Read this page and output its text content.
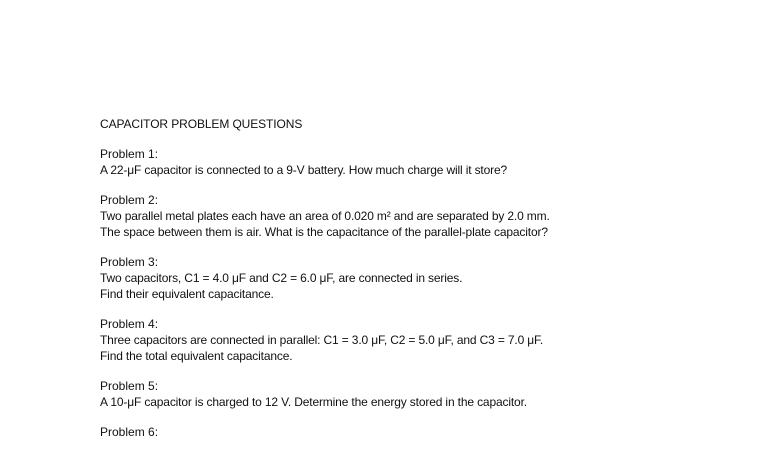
CAPACITOR PROBLEM QUESTIONS
Problem 1:
A 22-μF capacitor is connected to a 9-V battery. How much charge will it store?
Problem 2:
Two parallel metal plates each have an area of 0.020 m² and are separated by 2.0 mm.
The space between them is air. What is the capacitance of the parallel-plate capacitor?
Problem 3:
Two capacitors, C1 = 4.0 μF and C2 = 6.0 μF, are connected in series.
Find their equivalent capacitance.
Problem 4:
Three capacitors are connected in parallel: C1 = 3.0 μF, C2 = 5.0 μF, and C3 = 7.0 μF.
Find the total equivalent capacitance.
Problem 5:
A 10-μF capacitor is charged to 12 V. Determine the energy stored in the capacitor.
Problem 6:
